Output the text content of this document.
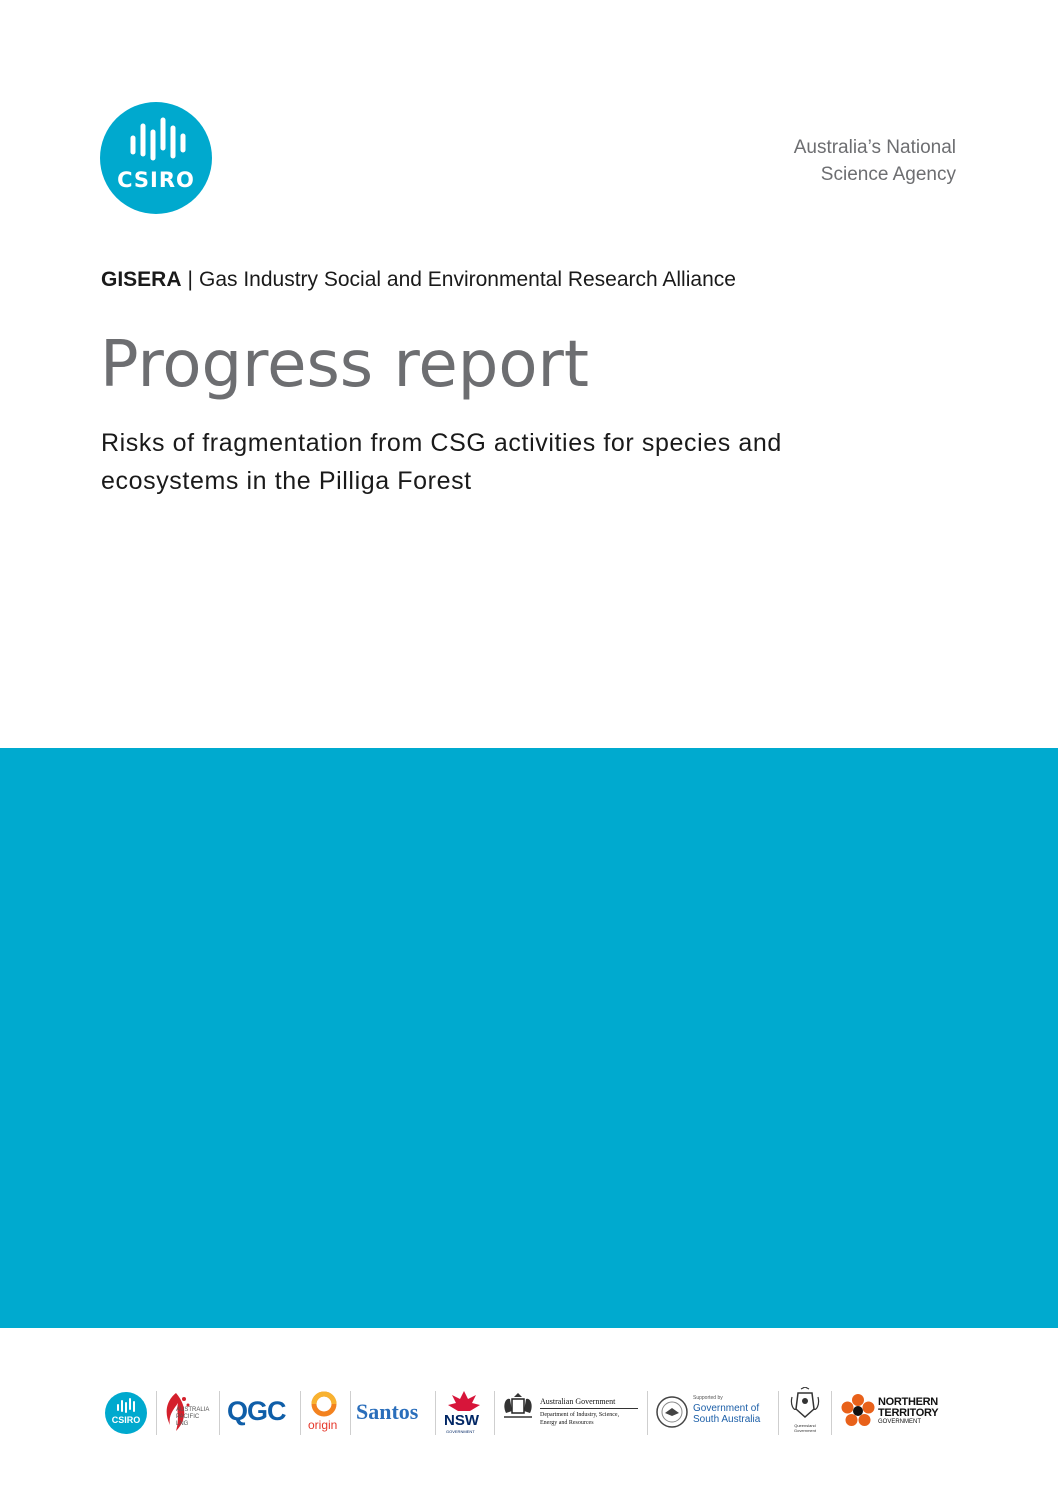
CSIRO
Australia’s National
Science Agency
GISERA | Gas Industry Social and Environmental Research Alliance
Progress report
Risks of fragmentation from CSG activities for species and
ecosystems in the Pilliga Forest
CSIRO
AUSTRALIA
PACIFIC
LNG	QGC origin
Santos NSW
GOVERNMENT
Australian Government
Department of Industry, Science,
Energy and Resources
Supported by
Government of
South Australia
Queensland
Government
NORTHERN
TERRITORY
GOVERNMENT
